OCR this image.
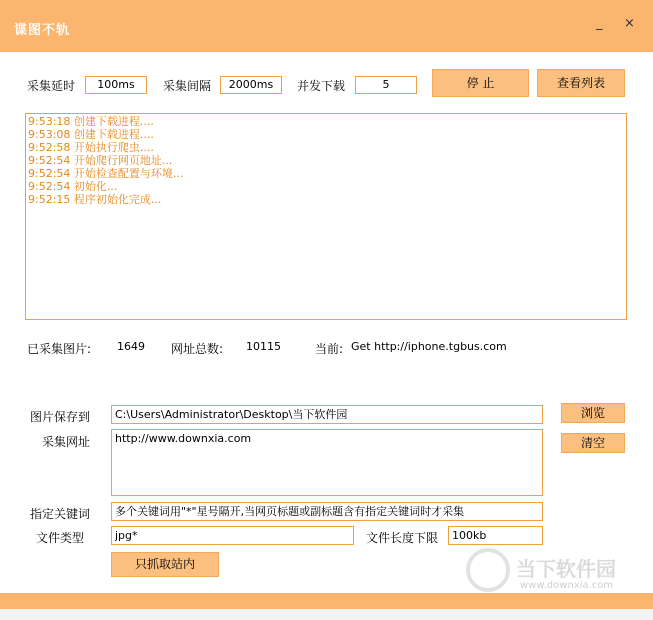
谍图不轨	_ ×
采集延时	100ms	采集间隔	2000ms	并发下载	5	停 止	查看列表
9:53:18 创建下载进程....
9:53:08 创建下载进程....
9:52:58 开始执行爬虫....
9:52:54 开始爬行网页地址...
9:52:54 开始检查配置与环境...
9:52:54 初始化...
9:52:15 程序初始化完成...
已采集图片: 1649 网址总数: 10115	当前: Get http://iphone.tgbus.com
图片保存到	C:\Users\Administrator\Desktop\当下软件园	浏览
采集网址	http://www.downxia.com	清空
指定关键词	多个关键词用"*"星号隔开,当网页标题或副标题含有指定关键词时才采集
文件类型	jpg*	文件长度下限	100kb
只抓取站内	当下软件园
www.downxia.com
